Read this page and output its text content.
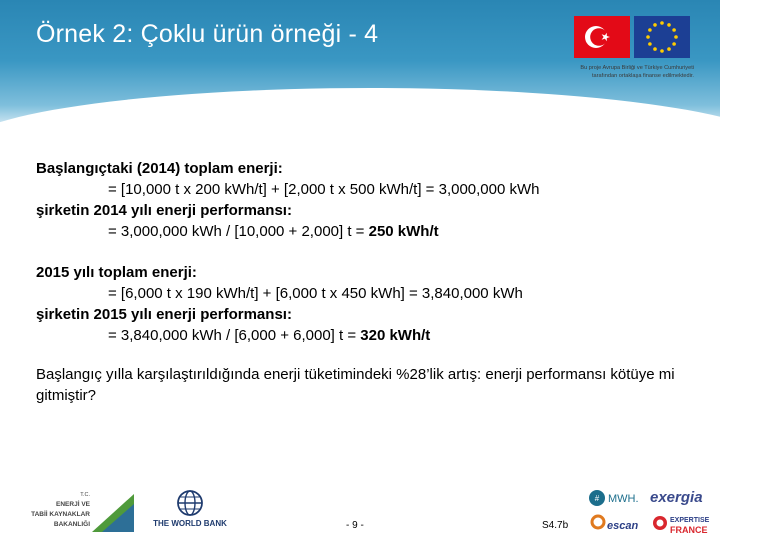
Örnek 2: Çoklu ürün örneği - 4
Bu proje Avrupa Birliği ve Türkiye Cumhuriyeti
tarafından ortaklaşa finanse edilmektedir.
Başlangıçtaki (2014) toplam enerji:
= [10,000 t x 200 kWh/t] + [2,000 t x 500 kWh/t] = 3,000,000 kWh
şirketin 2014 yılı enerji performansı:
= 3,000,000 kWh / [10,000 + 2,000] t = 250 kWh/t
2015 yılı toplam enerji:
= [6,000 t x 190 kWh/t] + [6,000 t x 450 kWh] = 3,840,000 kWh
şirketin 2015 yılı enerji performansı:
= 3,840,000 kWh / [6,000 + 6,000] t = 320 kWh/t
Başlangıç yılla karşılaştırıldığında enerji tüketimindeki %28’lik artış: enerji performansı kötüye mi gitmiştir?
T.C.
ENERJİ VE
TABİİ KAYNAKLAR
BAKANLIĞI	THE WORLD BANK	- 9 -	S4.7b
# MWH. exergia
escan	EXPERTISE
FRANCE
